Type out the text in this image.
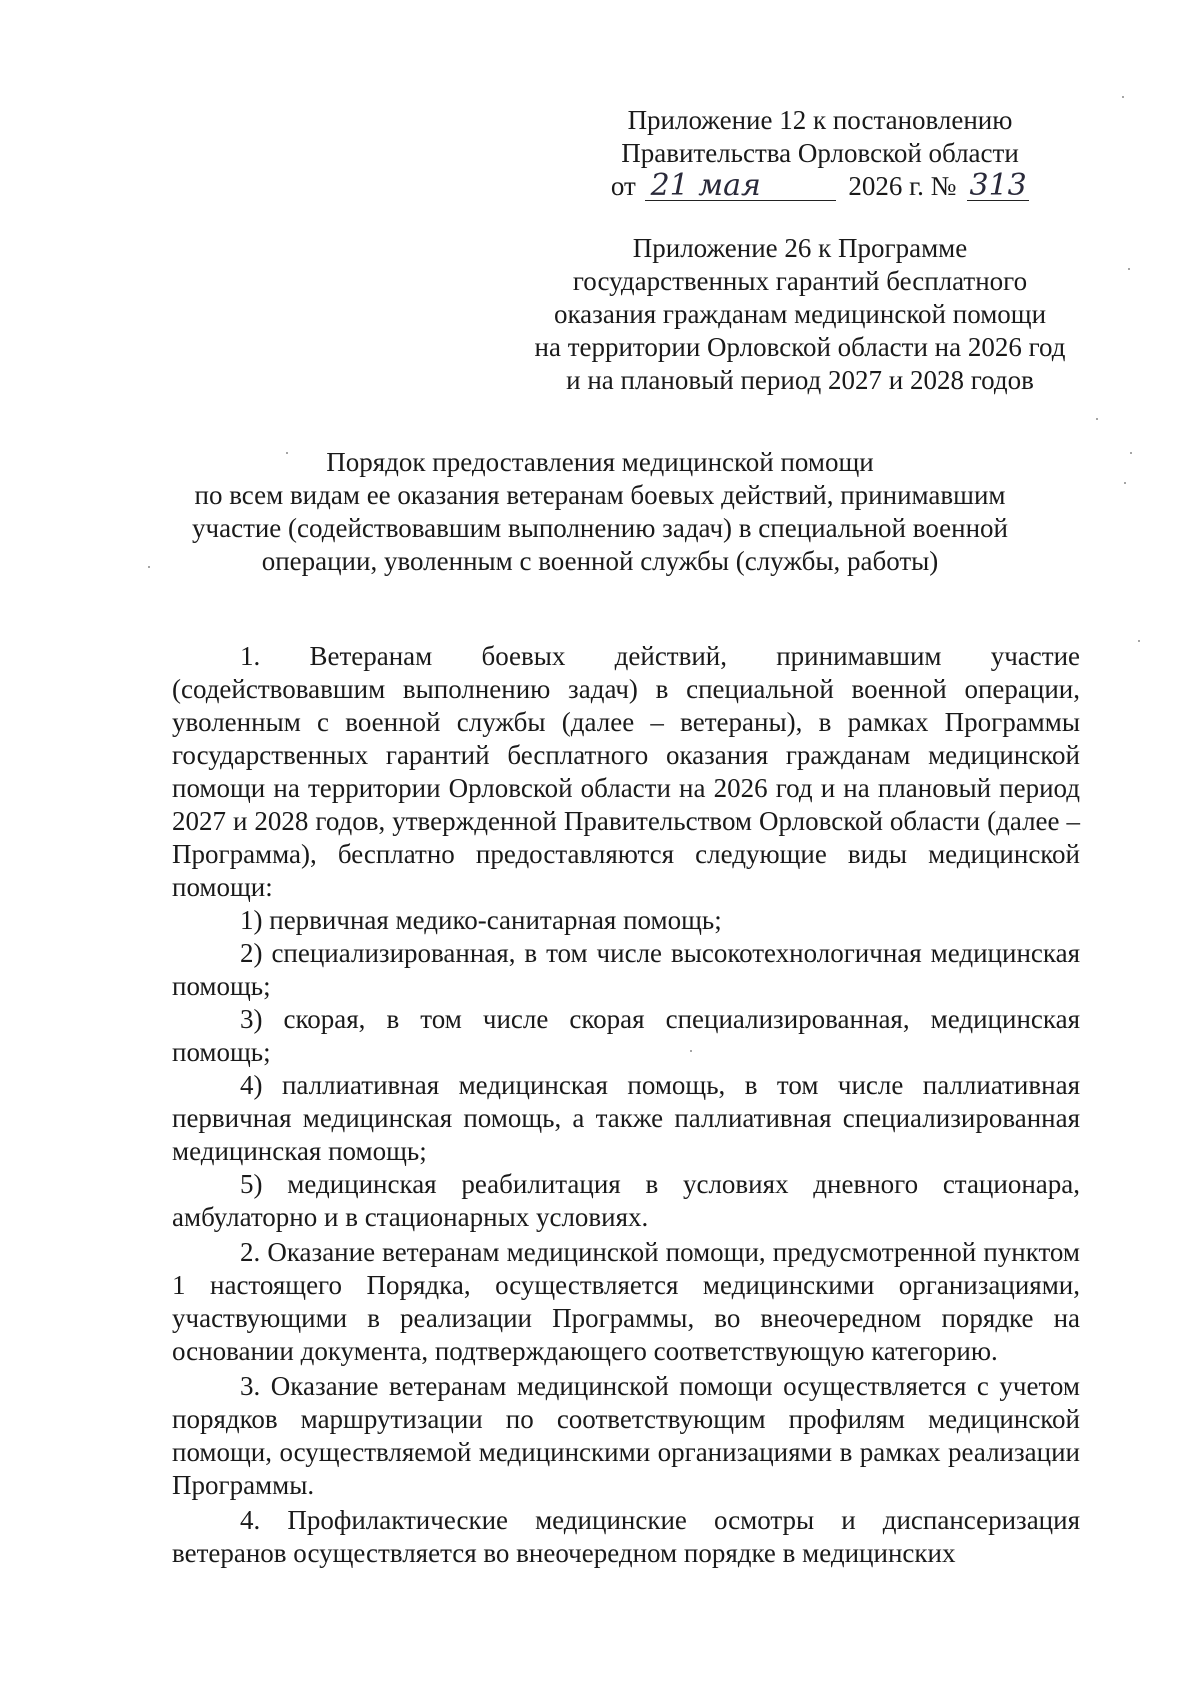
Приложение 12 к постановлению
Правительства Орловской области
от 21 мая	2026 г. № 313
Приложение 26 к Программе
государственных гарантий бесплатного
оказания гражданам медицинской помощи
на территории Орловской области на 2026 год
и на плановый период 2027 и 2028 годов
Порядок предоставления медицинской помощи
по всем видам ее оказания ветеранам боевых действий, принимавшим
участие (содействовавшим выполнению задач) в специальной военной
операции, уволенным с военной службы (службы, работы)

1. Ветеранам боевых действий, принимавшим участие (содействовавшим выполнению задач) в специальной военной операции, уволенным с военной службы (далее – ветераны), в рамках Программы государственных гарантий бесплатного оказания гражданам медицинской помощи на территории Орловской области на 2026 год и на плановый период 2027 и 2028 годов, утвержденной Правительством Орловской области (далее – Программа), бесплатно предоставляются следующие виды медицинской помощи:

1) первичная медико-санитарная помощь;

2) специализированная, в том числе высокотехнологичная медицинская помощь;

3) скорая, в том числе скорая специализированная, медицинская помощь;

4) паллиативная медицинская помощь, в том числе паллиативная первичная медицинская помощь, а также паллиативная специализированная медицинская помощь;

5) медицинская реабилитация в условиях дневного стационара, амбулаторно и в стационарных условиях.

2. Оказание ветеранам медицинской помощи, предусмотренной пунктом 1 настоящего Порядка, осуществляется медицинскими организациями, участвующими в реализации Программы, во внеочередном порядке на основании документа, подтверждающего соответствующую категорию.

3. Оказание ветеранам медицинской помощи осуществляется с учетом порядков маршрутизации по соответствующим профилям медицинской помощи, осуществляемой медицинскими организациями в рамках реализации Программы.

4. Профилактические медицинские осмотры и диспансеризация ветеранов осуществляется во внеочередном порядке в медицинских
